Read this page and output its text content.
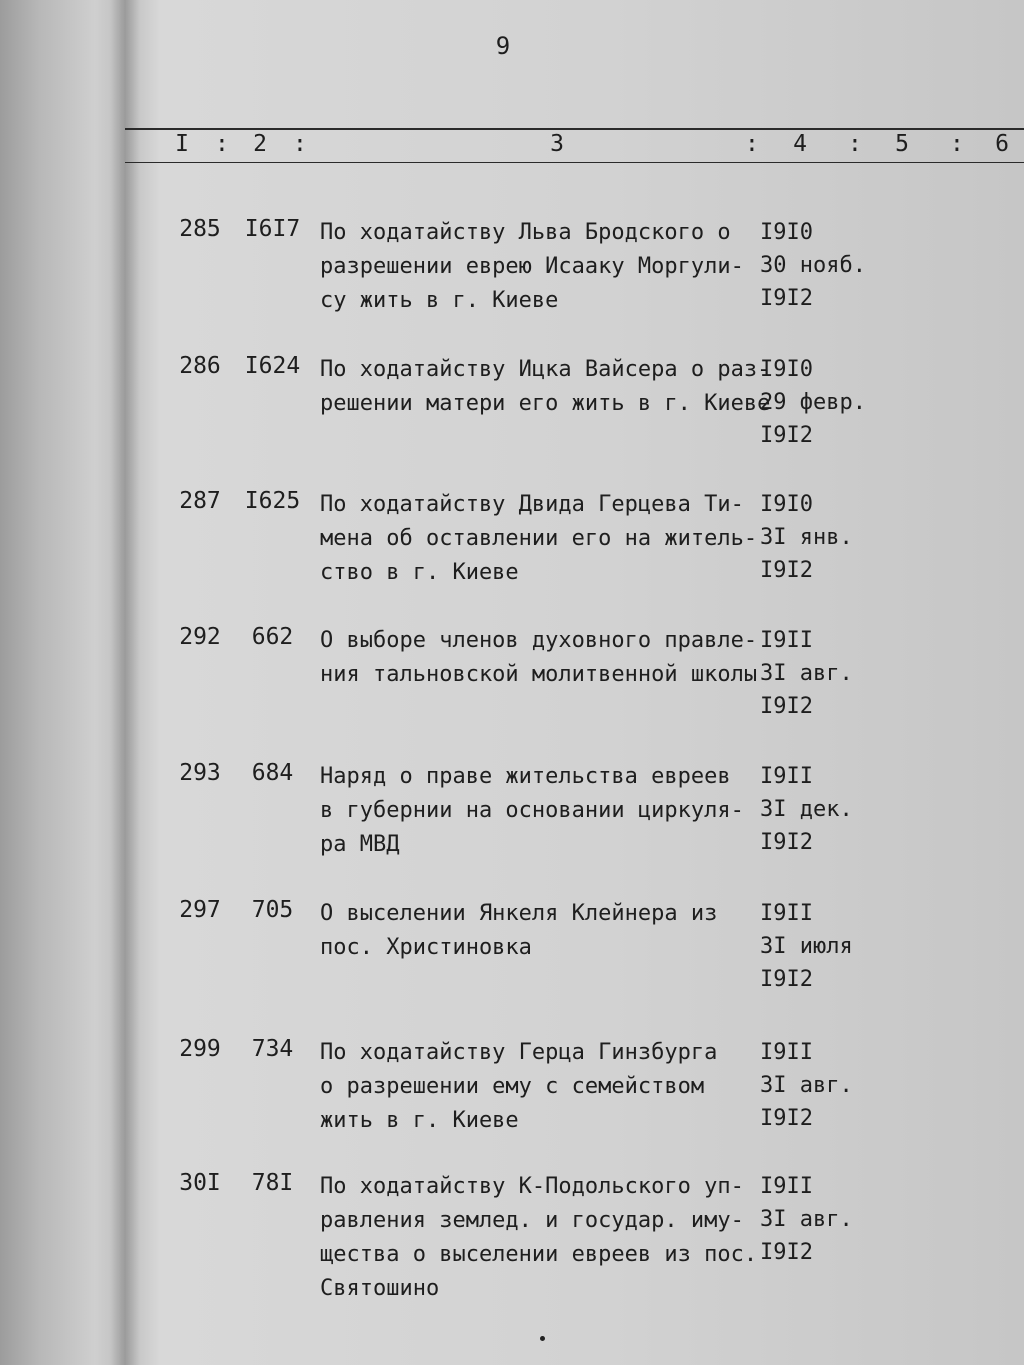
9
I	:	2	:	3	:	4	:	5	:	6
285	I6I7 По ходатайству Льва Бродского о
разрешении еврею Исааку Моргули-
су жить в г. Киеве
I9I0
30 нояб.
I9I2
286	I624 По ходатайству Ицка Вайсера о раз-
решении матери его жить в г. Киеве
I9I0
29 февр.
I9I2
287	I625 По ходатайству Двида Герцева Ти-
мена об оставлении его на житель-
ство в г. Киеве
I9I0
3I янв.
I9I2
292	662	О выборе членов духовного правле-
ния тальновской молитвенной школы
I9II
3I авг.
I9I2
293	684	Наряд о праве жительства евреев
в губернии на основании циркуля-
ра МВД
I9II
3I дек.
I9I2
297	705	О выселении Янкеля Клейнера из
пос. Христиновка
I9II
3I июля
I9I2
299	734	По ходатайству Герца Гинзбурга
о разрешении ему с семейством
жить в г. Киеве
I9II
3I авг.
I9I2
30I	78I	По ходатайству К-Подольского уп-
равления землед. и государ. иму-
щества о выселении евреев из пос.
Святошино
I9II
3I авг.
I9I2
